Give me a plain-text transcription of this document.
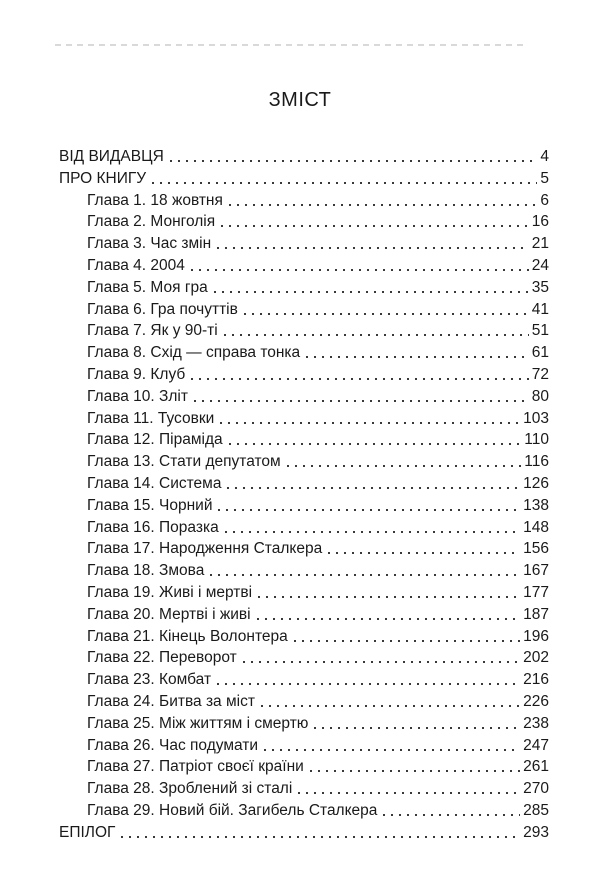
ЗМІСТ
ВІД ВИДАВЦЯ	4
ПРО КНИГУ	5
Глава 1. 18 жовтня	6
Глава 2. Монголія	16
Глава 3. Час змін	21
Глава 4. 2004	24
Глава 5. Моя гра	35
Глава 6. Гра почуттів	41
Глава 7. Як у 90-ті	51
Глава 8. Схід — справа тонка	61
Глава 9. Клуб	72
Глава 10. Зліт	80
Глава 11. Тусовки	103
Глава 12. Піраміда	110
Глава 13. Стати депутатом	116
Глава 14. Система	126
Глава 15. Чорний	138
Глава 16. Поразка	148
Глава 17. Народження Сталкера	156
Глава 18. Змова	167
Глава 19. Живі і мертві	177
Глава 20. Мертві і живі	187
Глава 21. Кінець Волонтера	196
Глава 22. Переворот	202
Глава 23. Комбат	216
Глава 24. Битва за міст	226
Глава 25. Між життям і смертю	238
Глава 26. Час подумати	247
Глава 27. Патріот своєї країни	261
Глава 28. Зроблений зі сталі	270
Глава 29. Новий бій. Загибель Сталкера	285
ЕПІЛОГ	293
